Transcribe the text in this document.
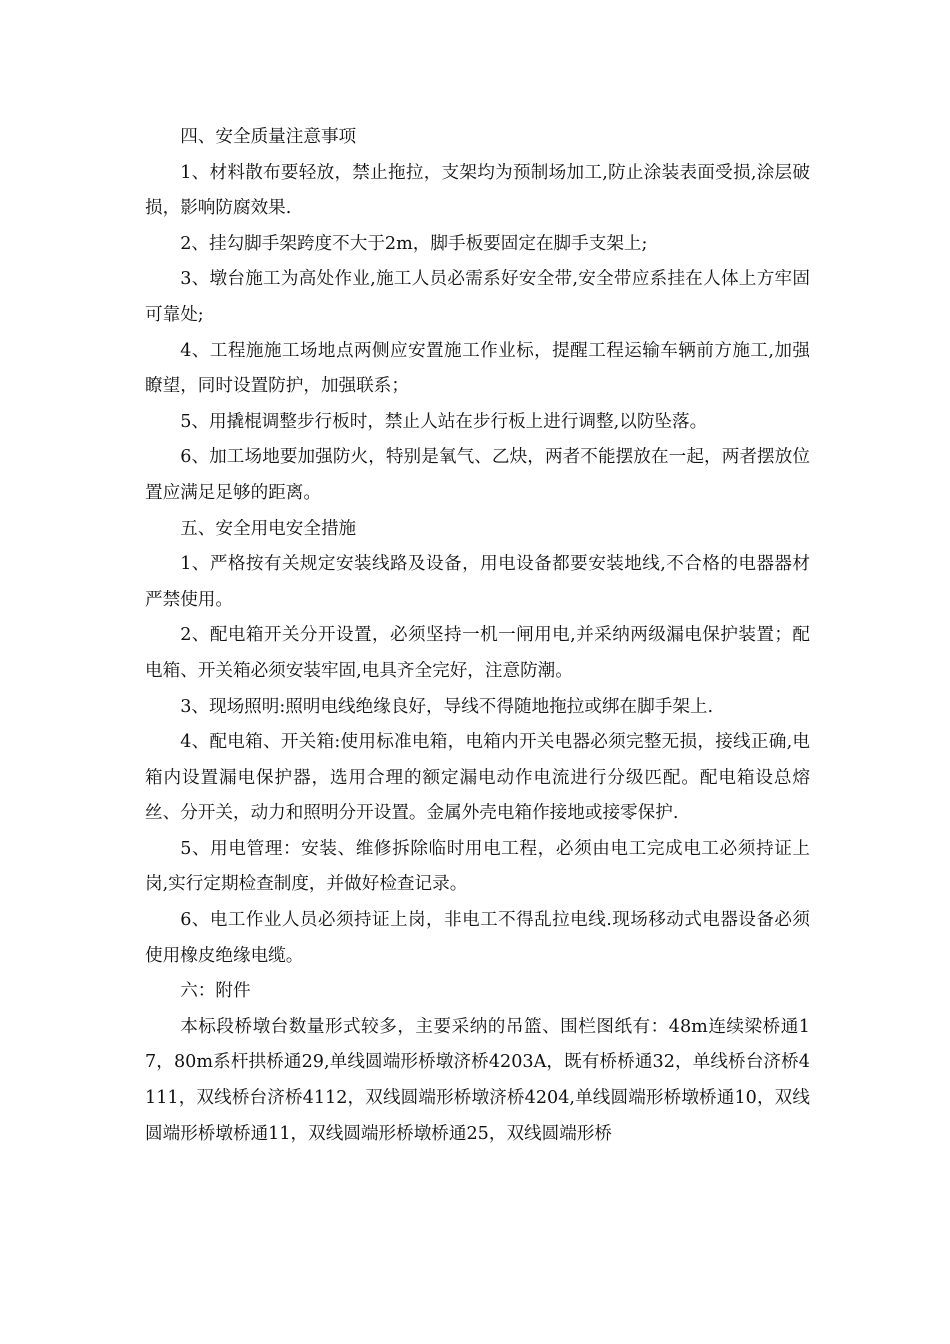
四、安全质量注意事项

1、材料散布要轻放，禁止拖拉，支架均为预制场加工,防止涂装表面受损,涂层破损，影响防腐效果.

2、挂勾脚手架跨度不大于2m，脚手板要固定在脚手支架上;

3、墩台施工为高处作业,施工人员必需系好安全带,安全带应系挂在人体上方牢固可靠处;

4、工程施施工场地点两侧应安置施工作业标，提醒工程运输车辆前方施工,加强瞭望，同时设置防护，加强联系；

5、用撬棍调整步行板时，禁止人站在步行板上进行调整,以防坠落。

6、加工场地要加强防火，特别是氧气、乙炔，两者不能摆放在一起，两者摆放位置应满足足够的距离。

五、安全用电安全措施

1、严格按有关规定安装线路及设备，用电设备都要安装地线,不合格的电器器材严禁使用。

2、配电箱开关分开设置，必须坚持一机一闸用电,并采纳两级漏电保护装置；配电箱、开关箱必须安装牢固,电具齐全完好，注意防潮。

3、现场照明:照明电线绝缘良好，导线不得随地拖拉或绑在脚手架上.

4、配电箱、开关箱:使用标准电箱，电箱内开关电器必须完整无损，接线正确,电箱内设置漏电保护器，选用合理的额定漏电动作电流进行分级匹配。配电箱设总熔丝、分开关，动力和照明分开设置。金属外壳电箱作接地或接零保护.

5、用电管理：安装、维修拆除临时用电工程，必须由电工完成电工必须持证上岗,实行定期检查制度，并做好检查记录。

6、电工作业人员必须持证上岗，非电工不得乱拉电线.现场移动式电器设备必须使用橡皮绝缘电缆。

六：附件

本标段桥墩台数量形式较多，主要采纳的吊篮、围栏图纸有：48m连续梁桥通17，80m系杆拱桥通29,单线圆端形桥墩济桥4203A，既有桥桥通32，单线桥台济桥4111，双线桥台济桥4112，双线圆端形桥墩济桥4204,单线圆端形桥墩桥通10，双线圆端形桥墩桥通11，双线圆端形桥墩桥通25，双线圆端形桥
